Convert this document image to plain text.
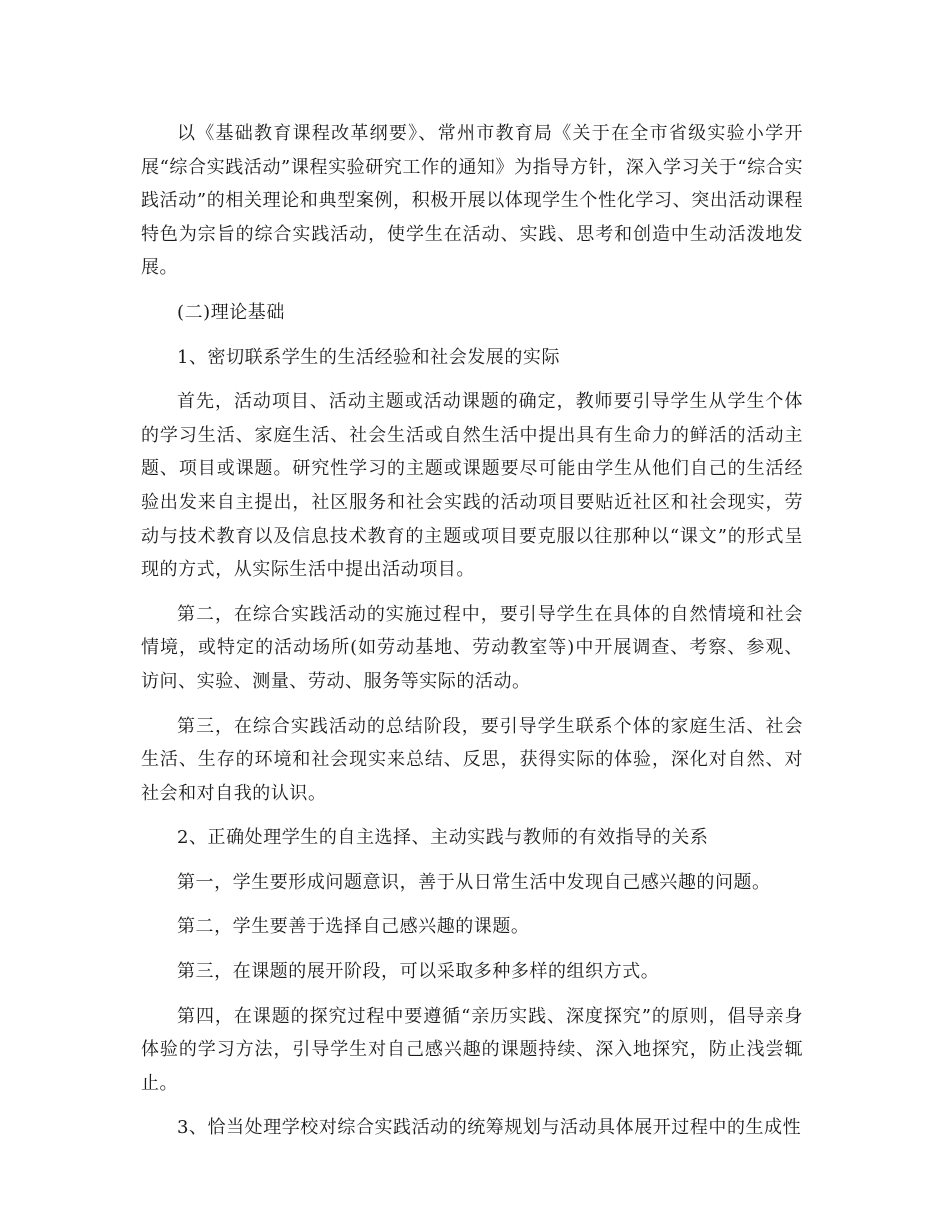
以《基础教育课程改革纲要》、常州市教育局《关于在全市省级实验小学开展“综合实践活动”课程实验研究工作的通知》为指导方针，深入学习关于“综合实践活动”的相关理论和典型案例，积极开展以体现学生个性化学习、突出活动课程特色为宗旨的综合实践活动，使学生在活动、实践、思考和创造中生动活泼地发展。

(二)理论基础

1、密切联系学生的生活经验和社会发展的实际

首先，活动项目、活动主题或活动课题的确定，教师要引导学生从学生个体的学习生活、家庭生活、社会生活或自然生活中提出具有生命力的鲜活的活动主题、项目或课题。研究性学习的主题或课题要尽可能由学生从他们自己的生活经验出发来自主提出，社区服务和社会实践的活动项目要贴近社区和社会现实，劳动与技术教育以及信息技术教育的主题或项目要克服以往那种以“课文”的形式呈现的方式，从实际生活中提出活动项目。

第二，在综合实践活动的实施过程中，要引导学生在具体的自然情境和社会情境，或特定的活动场所(如劳动基地、劳动教室等)中开展调查、考察、参观、访问、实验、测量、劳动、服务等实际的活动。

第三，在综合实践活动的总结阶段，要引导学生联系个体的家庭生活、社会生活、生存的环境和社会现实来总结、反思，获得实际的体验，深化对自然、对社会和对自我的认识。

2、正确处理学生的自主选择、主动实践与教师的有效指导的关系

第一，学生要形成问题意识，善于从日常生活中发现自己感兴趣的问题。

第二，学生要善于选择自己感兴趣的课题。

第三，在课题的展开阶段，可以采取多种多样的组织方式。

第四，在课题的探究过程中要遵循“亲历实践、深度探究”的原则，倡导亲身体验的学习方法，引导学生对自己感兴趣的课题持续、深入地探究，防止浅尝辄止。

3、恰当处理学校对综合实践活动的统筹规划与活动具体展开过程中的生成性
